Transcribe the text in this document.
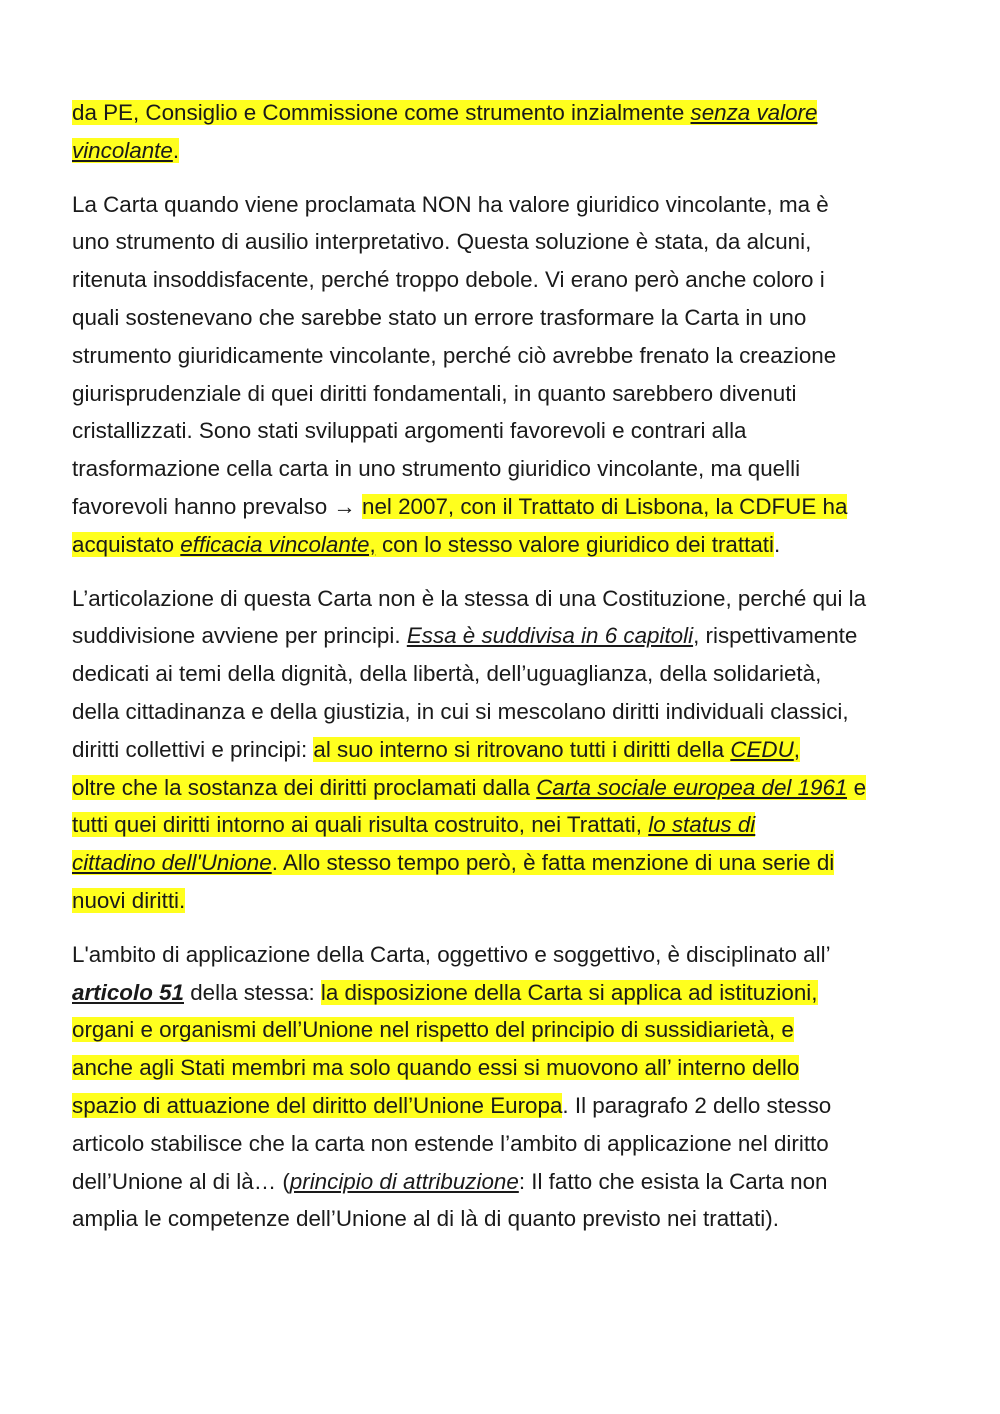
da PE, Consiglio e Commissione come strumento inzialmente senza valore
vincolante.

La Carta quando viene proclamata NON ha valore giuridico vincolante, ma è
uno strumento di ausilio interpretativo. Questa soluzione è stata, da alcuni,
ritenuta insoddisfacente, perché troppo debole. Vi erano però anche coloro i
quali sostenevano che sarebbe stato un errore trasformare la Carta in uno
strumento giuridicamente vincolante, perché ciò avrebbe frenato la creazione
giurisprudenziale di quei diritti fondamentali, in quanto sarebbero divenuti
cristallizzati. Sono stati sviluppati argomenti favorevoli e contrari alla
trasformazione cella carta in uno strumento giuridico vincolante, ma quelli
favorevoli hanno prevalso → nel 2007, con il Trattato di Lisbona, la CDFUE ha
acquistato efficacia vincolante, con lo stesso valore giuridico dei trattati.

L’articolazione di questa Carta non è la stessa di una Costituzione, perché qui la
suddivisione avviene per principi. Essa è suddivisa in 6 capitoli, rispettivamente
dedicati ai temi della dignità, della libertà, dell’uguaglianza, della solidarietà,
della cittadinanza e della giustizia, in cui si mescolano diritti individuali classici,
diritti collettivi e principi: al suo interno si ritrovano tutti i diritti della CEDU,
oltre che la sostanza dei diritti proclamati dalla Carta sociale europea del 1961 e
tutti quei diritti intorno ai quali risulta costruito, nei Trattati, lo status di
cittadino dell'Unione. Allo stesso tempo però, è fatta menzione di una serie di
nuovi diritti.

L'ambito di applicazione della Carta, oggettivo e soggettivo, è disciplinato all’
articolo 51 della stessa: la disposizione della Carta si applica ad istituzioni,
organi e organismi dell’Unione nel rispetto del principio di sussidiarietà, e
anche agli Stati membri ma solo quando essi si muovono all’ interno dello
spazio di attuazione del diritto dell’Unione Europa. Il paragrafo 2 dello stesso
articolo stabilisce che la carta non estende l’ambito di applicazione nel diritto
dell’Unione al di là… (principio di attribuzione: Il fatto che esista la Carta non
amplia le competenze dell’Unione al di là di quanto previsto nei trattati).
